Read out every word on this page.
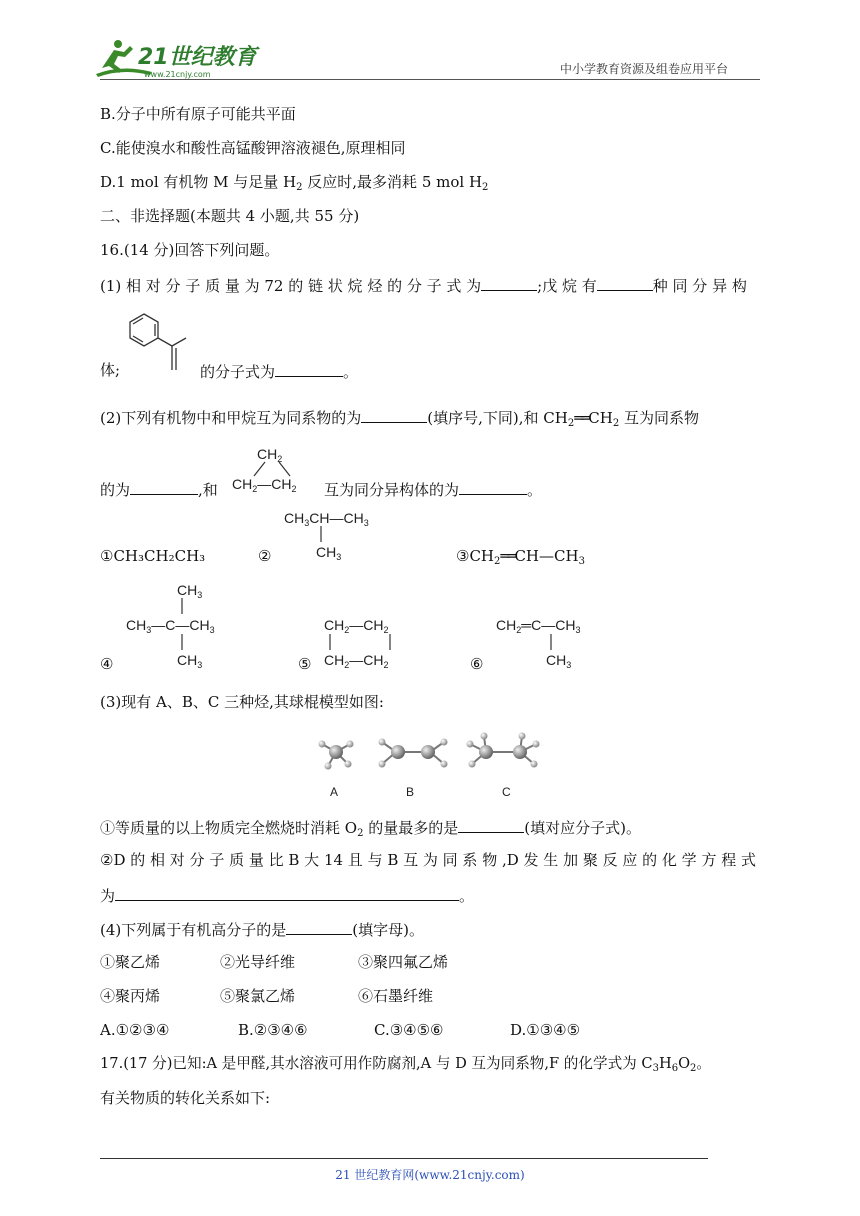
21世纪教育
www.21cnjy.com	中小学教育资源及组卷应用平台
B.分子中所有原子可能共平面
C.能使溴水和酸性高锰酸钾溶液褪色,原理相同
D.1 mol 有机物 M 与足量 $H_2$ 反应时,最多消耗 5 mol $H_2$
二、非选择题(本题共 4 小题,共 55 分)
16.(14 分)回答下列问题。
(1) 相 对 分 子 质 量 为 72 的 链 状 烷 烃 的 分 子 式 为	;戊 烷 有	种 同 分 异 构
体;	的分子式为	。
(2)下列有机物中和甲烷互为同系物的为	(填序号,下同),和 $CH_2══CH_2$ 互为同系物
$CH_2$
$CH_2—CH_2$
的为	,和	互为同分异构体的为	。
①CH₃CH₂CH₃	②
$CH_3CH—CH_3$
$CH_3$	$③CH_2══CH—CH_3$
$CH_3$
$CH_3—C—CH_3$
$CH_3$
④
$CH_2—CH_2$
$CH_2—CH_2$
⑤
$CH_2═C—CH_3$
$CH_3$
⑥
(3)现有 A、B、C 三种烃,其球棍模型如图:
A	B	C
①等质量的以上物质完全燃烧时消耗 $O_2$ 的量最多的是	(填对应分子式)。
②D 的 相 对 分 子 质 量 比 B 大 14 且 与 B 互 为 同 系 物 ,D 发 生 加 聚 反 应 的 化 学 方 程 式
为	。
(4)下列属于有机高分子的是	(填字母)。
①聚乙烯	②光导纤维	③聚四氟乙烯
④聚丙烯	⑤聚氯乙烯	⑥石墨纤维
A.①②③④	B.②③④⑥	C.③④⑤⑥	D.①③④⑤
17.(17 分)已知:A 是甲醛,其水溶液可用作防腐剂,A 与 D 互为同系物,F 的化学式为 $C_3H_6O_2$。
有关物质的转化关系如下:
21 世纪教育网(www.21cnjy.com)
